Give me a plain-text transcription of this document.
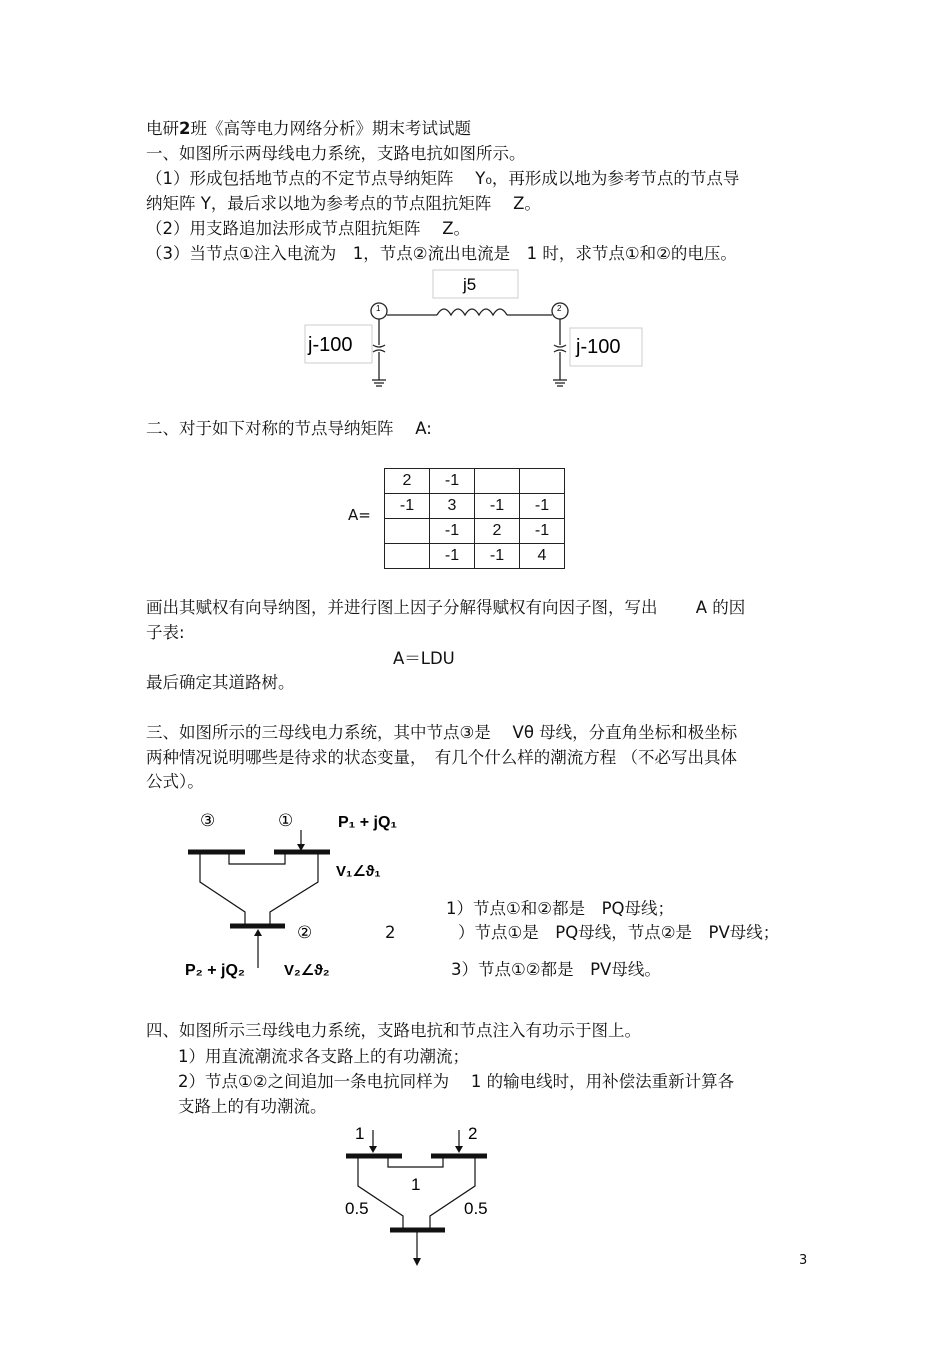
电研2班《高等电力网络分析》期末考试试题
一、如图所示两母线电力系统，支路电抗如图所示。
（1）形成包括地节点的不定节点导纳矩阵　 Y₀，再形成以地为参考节点的节点导
纳矩阵 Y，最后求以地为参考点的节点阻抗矩阵　 Z。
（2）用支路追加法形成节点阻抗矩阵　 Z。
（3）当节点①注入电流为　1，节点②流出电流是　1 时，求节点①和②的电压。
j5
j-100	j-100
1	2
③	①	P₁ + jQ₁
V₁∠ϑ₁
②
P₂ + jQ₂	V₂∠ϑ₂
1	2
1
0.5	0.5
二、对于如下对称的节点导纳矩阵　 A:
A=
2	-1		
-1	3	-1	-1
	-1	2	-1
	-1	-1	4
画出其赋权有向导纳图，并进行图上因子分解得赋权有向因子图，写出　　 A 的因
子表:
A＝LDU
最后确定其道路树。
三、如图所示的三母线电力系统，其中节点③是　 Vθ 母线，分直角坐标和极坐标
两种情况说明哪些是待求的状态变量，　有几个什么样的潮流方程 （不必写出具体
公式）。
1）节点①和②都是　PQ母线；
2	）节点①是　PQ母线，节点②是　PV母线；
3）节点①②都是　PV母线。
四、如图所示三母线电力系统，支路电抗和节点注入有功示于图上。
1）用直流潮流求各支路上的有功潮流；
2）节点①②之间追加一条电抗同样为　 1 的输电线时，用补偿法重新计算各
支路上的有功潮流。
3
